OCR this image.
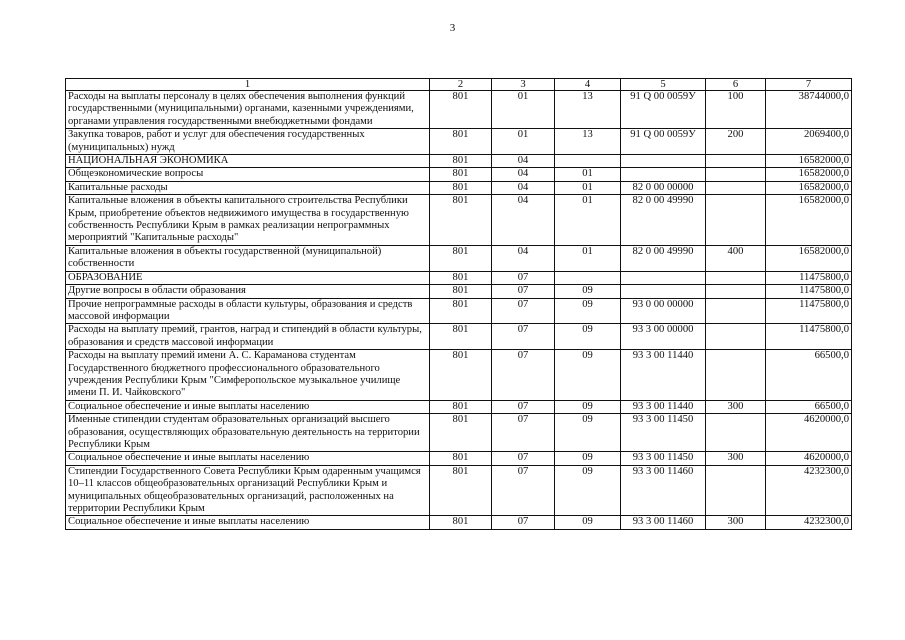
3
1	2	3	4	5	6	7
Расходы на выплаты персоналу в целях обеспечения выполнения функций государственными (муниципальными) органами, казенными учреждениями, органами управления государственными внебюджетными фондами	801	01	13	91 Q 00 0059У	100	38744000,0
Закупка товаров, работ и услуг для обеспечения государственных (муниципальных) нужд	801	01	13	91 Q 00 0059У	200	2069400,0
НАЦИОНАЛЬНАЯ ЭКОНОМИКА	801	04				16582000,0
Общеэкономические вопросы	801	04	01			16582000,0
Капитальные расходы	801	04	01	82 0 00 00000		16582000,0
Капитальные вложения в объекты капитального строительства Республики Крым, приобретение объектов недвижимого имущества в государственную собственность Республики Крым в рамках реализации непрограммных мероприятий "Капитальные расходы"	801	04	01	82 0 00 49990		16582000,0
Капитальные вложения в объекты государственной (муниципальной) собственности	801	04	01	82 0 00 49990	400	16582000,0
ОБРАЗОВАНИЕ	801	07				11475800,0
Другие вопросы в области образования	801	07	09			11475800,0
Прочие непрограммные расходы в области культуры, образования и средств массовой информации	801	07	09	93 0 00 00000		11475800,0
Расходы на выплату премий, грантов, наград и стипендий в области культуры, образования и средств массовой информации	801	07	09	93 3 00 00000		11475800,0
Расходы на выплату премий имени А. С. Караманова студентам Государственного бюджетного профессионального образовательного учреждения Республики Крым "Симферопольское музыкальное училище имени П. И. Чайковского"	801	07	09	93 3 00 11440		66500,0
Социальное обеспечение и иные выплаты населению	801	07	09	93 3 00 11440	300	66500,0
Именные стипендии студентам образовательных организаций высшего образования, осуществляющих образовательную деятельность на территории Республики Крым	801	07	09	93 3 00 11450		4620000,0
Социальное обеспечение и иные выплаты населению	801	07	09	93 3 00 11450	300	4620000,0
Стипендии Государственного Совета Республики Крым одаренным учащимся 10–11 классов общеобразовательных организаций Республики Крым и муниципальных общеобразовательных организаций, расположенных на территории Республики Крым	801	07	09	93 3 00 11460		4232300,0
Социальное обеспечение и иные выплаты населению	801	07	09	93 3 00 11460	300	4232300,0
